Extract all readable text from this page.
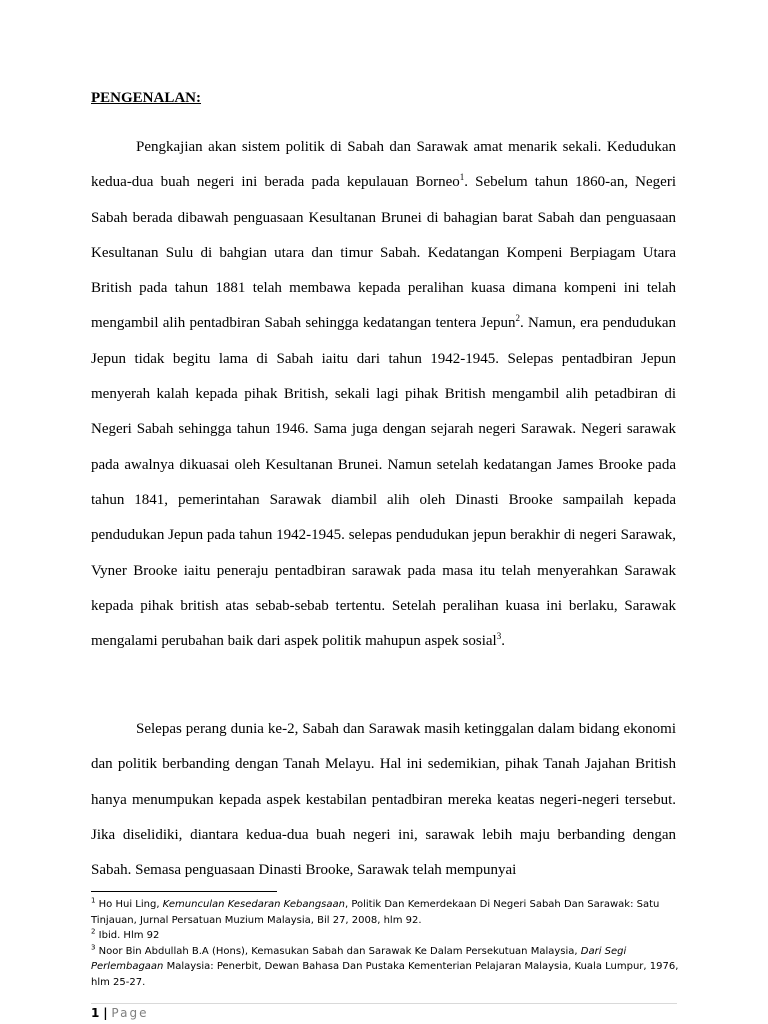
PENGENALAN:

Pengkajian akan sistem politik di Sabah dan Sarawak amat menarik sekali. Kedudukan kedua-dua buah negeri ini berada pada kepulauan Borneo$^1$. Sebelum tahun 1860-an, Negeri Sabah berada dibawah penguasaan Kesultanan Brunei di bahagian barat Sabah dan penguasaan Kesultanan Sulu di bahgian utara dan timur Sabah. Kedatangan Kompeni Berpiagam Utara British pada tahun 1881 telah membawa kepada peralihan kuasa dimana kompeni ini telah mengambil alih pentadbiran Sabah sehingga kedatangan tentera Jepun$^2$. Namun, era pendudukan Jepun tidak begitu lama di Sabah iaitu dari tahun 1942-1945. Selepas pentadbiran Jepun menyerah kalah kepada pihak British, sekali lagi pihak British mengambil alih petadbiran di Negeri Sabah sehingga tahun 1946. Sama juga dengan sejarah negeri Sarawak. Negeri sarawak pada awalnya dikuasai oleh Kesultanan Brunei. Namun setelah kedatangan James Brooke pada tahun 1841, pemerintahan Sarawak diambil alih oleh Dinasti Brooke sampailah kepada pendudukan Jepun pada tahun 1942-1945. selepas pendudukan jepun berakhir di negeri Sarawak, Vyner Brooke iaitu peneraju pentadbiran sarawak pada masa itu telah menyerahkan Sarawak kepada pihak british atas sebab-sebab tertentu. Setelah peralihan kuasa ini berlaku, Sarawak mengalami perubahan baik dari aspek politik mahupun aspek sosial$^3$.

Selepas perang dunia ke-2, Sabah dan Sarawak masih ketinggalan dalam bidang ekonomi dan politik berbanding dengan Tanah Melayu. Hal ini sedemikian, pihak Tanah Jajahan British hanya menumpukan kepada aspek kestabilan pentadbiran mereka keatas negeri-negeri tersebut. Jika diselidiki, diantara kedua-dua buah negeri ini, sarawak lebih maju berbanding dengan Sabah. Semasa penguasaan Dinasti Brooke, Sarawak telah mempunyai

$^1$ Ho Hui Ling, Kemunculan Kesedaran Kebangsaan, Politik Dan Kemerdekaan Di Negeri Sabah Dan Sarawak: Satu Tinjauan, Jurnal Persatuan Muzium Malaysia, Bil 27, 2008, hlm 92.

$^2$ Ibid. Hlm 92

$^3$ Noor Bin Abdullah B.A (Hons), Kemasukan Sabah dan Sarawak Ke Dalam Persekutuan Malaysia, Dari Segi Perlembagaan Malaysia: Penerbit, Dewan Bahasa Dan Pustaka Kementerian Pelajaran Malaysia, Kuala Lumpur, 1976, hlm 25-27.

1 | Page
